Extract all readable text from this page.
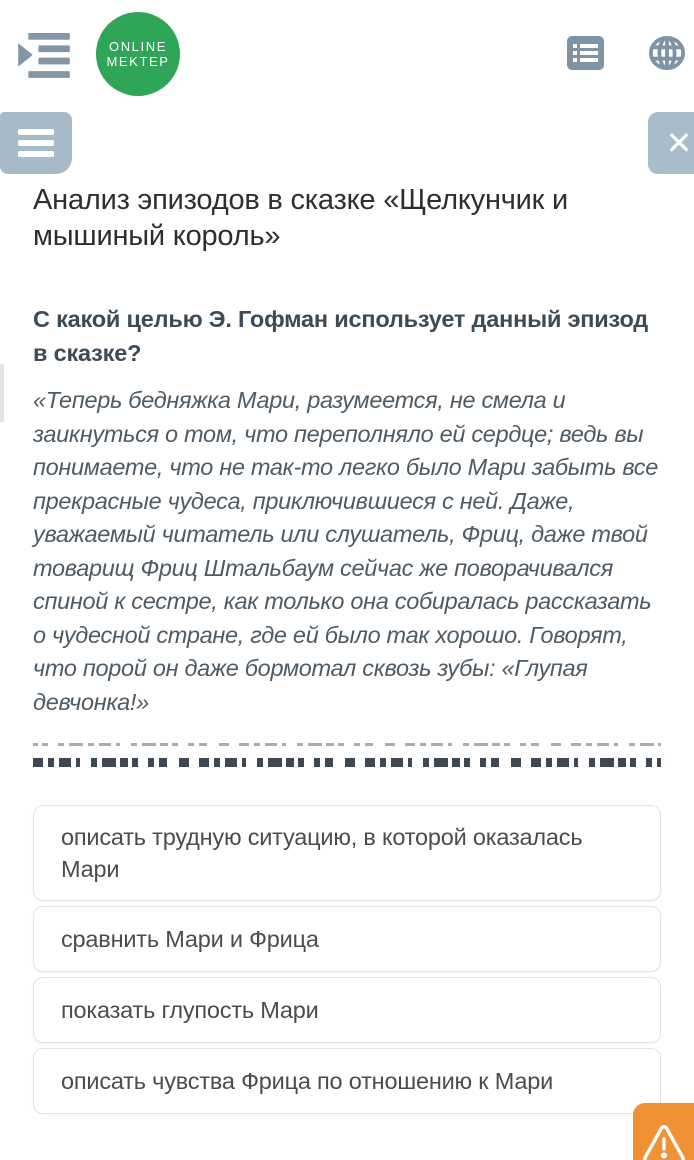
ONLINE
MEKTEP
✕
Анализ эпизодов в сказке «Щелкунчик и мышиный король»
С какой целью Э. Гофман использует данный эпизод в сказке?

«Теперь бедняжка Мари, разумеется, не смела и заикнуться о том, что переполняло ей сердце; ведь вы понимаете, что не так-то легко было Мари забыть все прекрасные чудеса, приключившиеся с ней. Даже, уважаемый читатель или слушатель, Фриц, даже твой товарищ Фриц Штальбаум сейчас же поворачивался спиной к сестре, как только она собиралась рассказать о чудесной стране, где ей было так хорошо. Говорят, что порой он даже бормотал сквозь зубы: «Глупая девчонка!»

описать трудную ситуацию, в которой оказалась Мари
сравнить Мари и Фрица
показать глупость Мари
описать чувства Фрица по отношению к Мари
